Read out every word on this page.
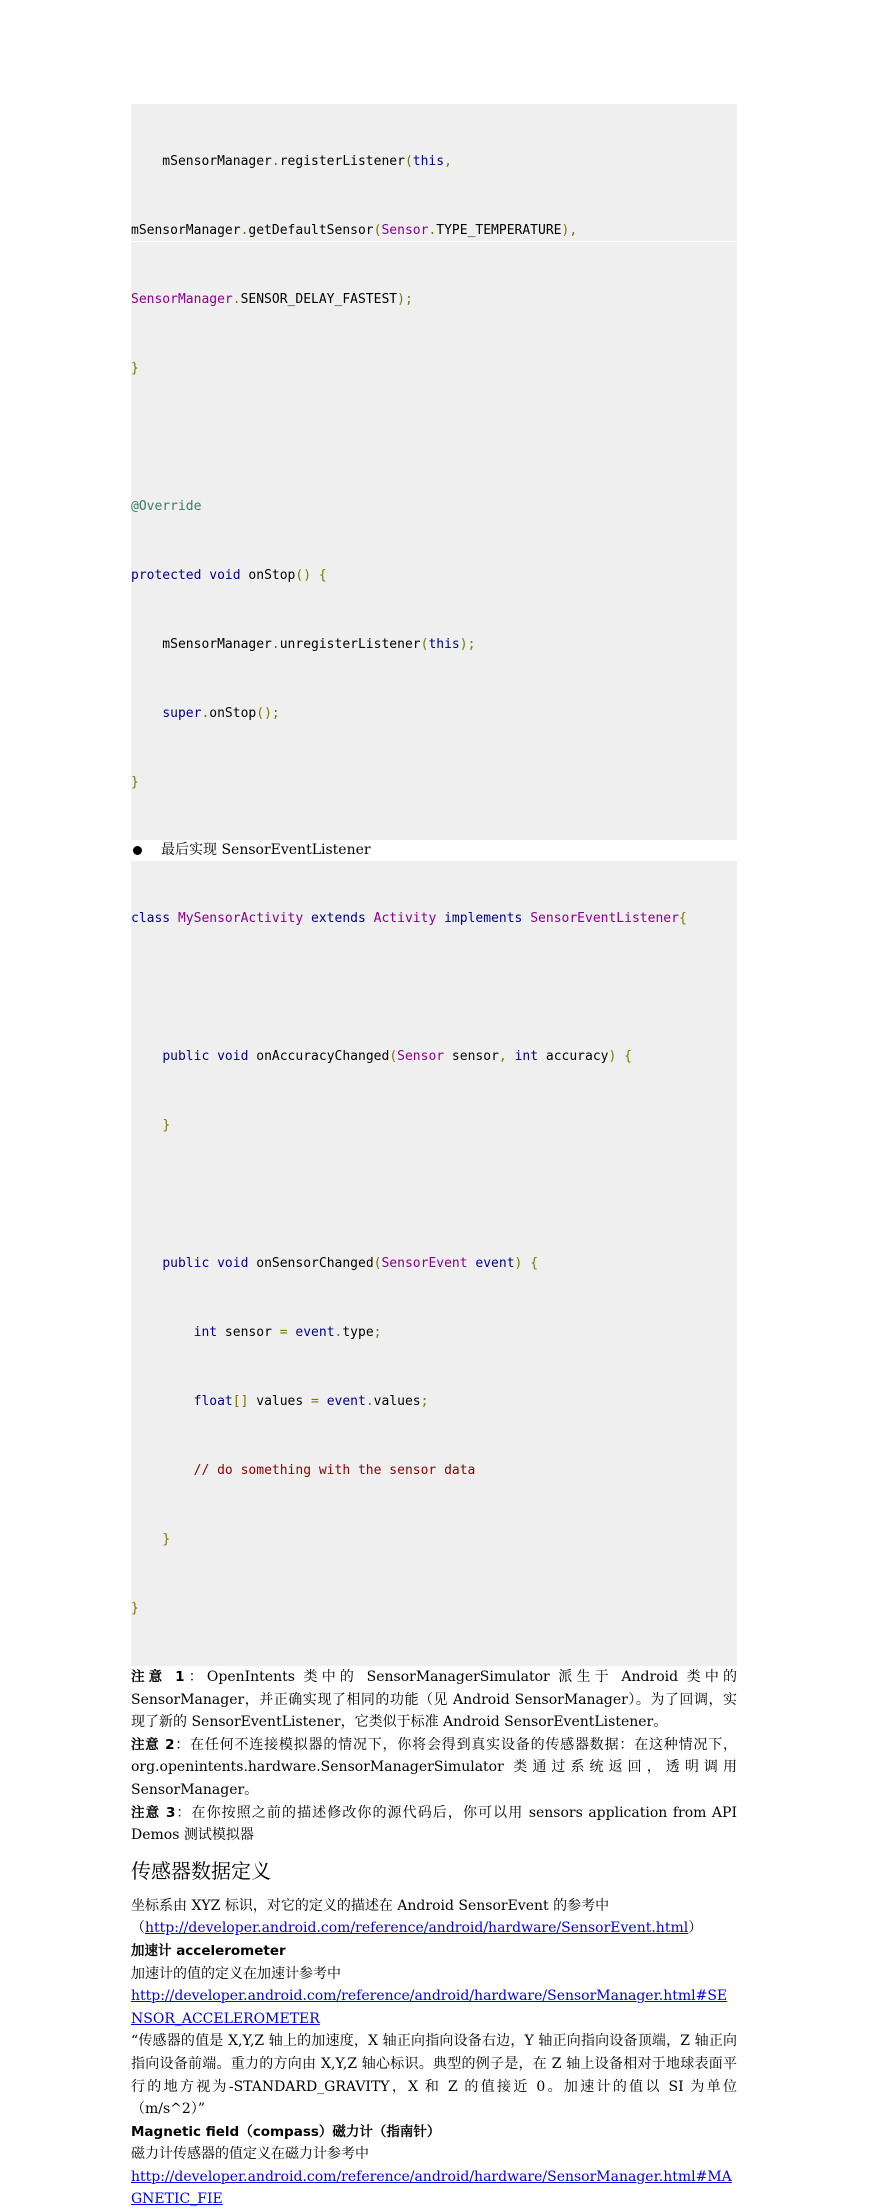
mSensorManager.registerListener(this,

mSensorManager.getDefaultSensor(Sensor.TYPE_TEMPERATURE),

SensorManager.SENSOR_DELAY_FASTEST);

}

@Override

protected void onStop() {

mSensorManager.unregisterListener(this);

super.onStop();

}

最后实现 SensorEventListener

class MySensorActivity extends Activity implements SensorEventListener{

public void onAccuracyChanged(Sensor sensor, int accuracy) {

}

public void onSensorChanged(SensorEvent event) {

int sensor = event.type;

float[] values = event.values;

// do something with the sensor data

}

}

注意 1：OpenIntents 类中的 SensorManagerSimulator 派生于 Android 类中的 SensorManager，并正确实现了相同的功能（见 Android SensorManager）。为了回调，实现了新的 SensorEventListener，它类似于标准 Android SensorEventListener。
注意 2：在任何不连接模拟器的情况下，你将会得到真实设备的传感器数据：在这种情况下，org.openintents.hardware.SensorManagerSimulator 类通过系统返回，透明调用 SensorManager。
注意 3：在你按照之前的描述修改你的源代码后，你可以用 sensors application from API Demos 测试模拟器
传感器数据定义
坐标系由 XYZ 标识，对它的定义的描述在 Android SensorEvent 的参考中
（http://developer.android.com/reference/android/hardware/SensorEvent.html）
加速计 accelerometer
加速计的值的定义在加速计参考中
http://developer.android.com/reference/android/hardware/SensorManager.html#SENSOR_ACCELEROMETER
“传感器的值是 X,Y,Z 轴上的加速度，X 轴正向指向设备右边，Y 轴正向指向设备顶端，Z 轴正向指向设备前端。重力的方向由 X,Y,Z 轴心标识。典型的例子是，在 Z 轴上设备相对于地球表面平行的地方视为-STANDARD_GRAVITY，X 和 Z 的值接近 0。加速计的值以 SI 为单位（m/s^2）”
Magnetic field（compass）磁力计（指南针）
磁力计传感器的值定义在磁力计参考中
http://developer.android.com/reference/android/hardware/SensorManager.html#MAGNETIC_FIE
